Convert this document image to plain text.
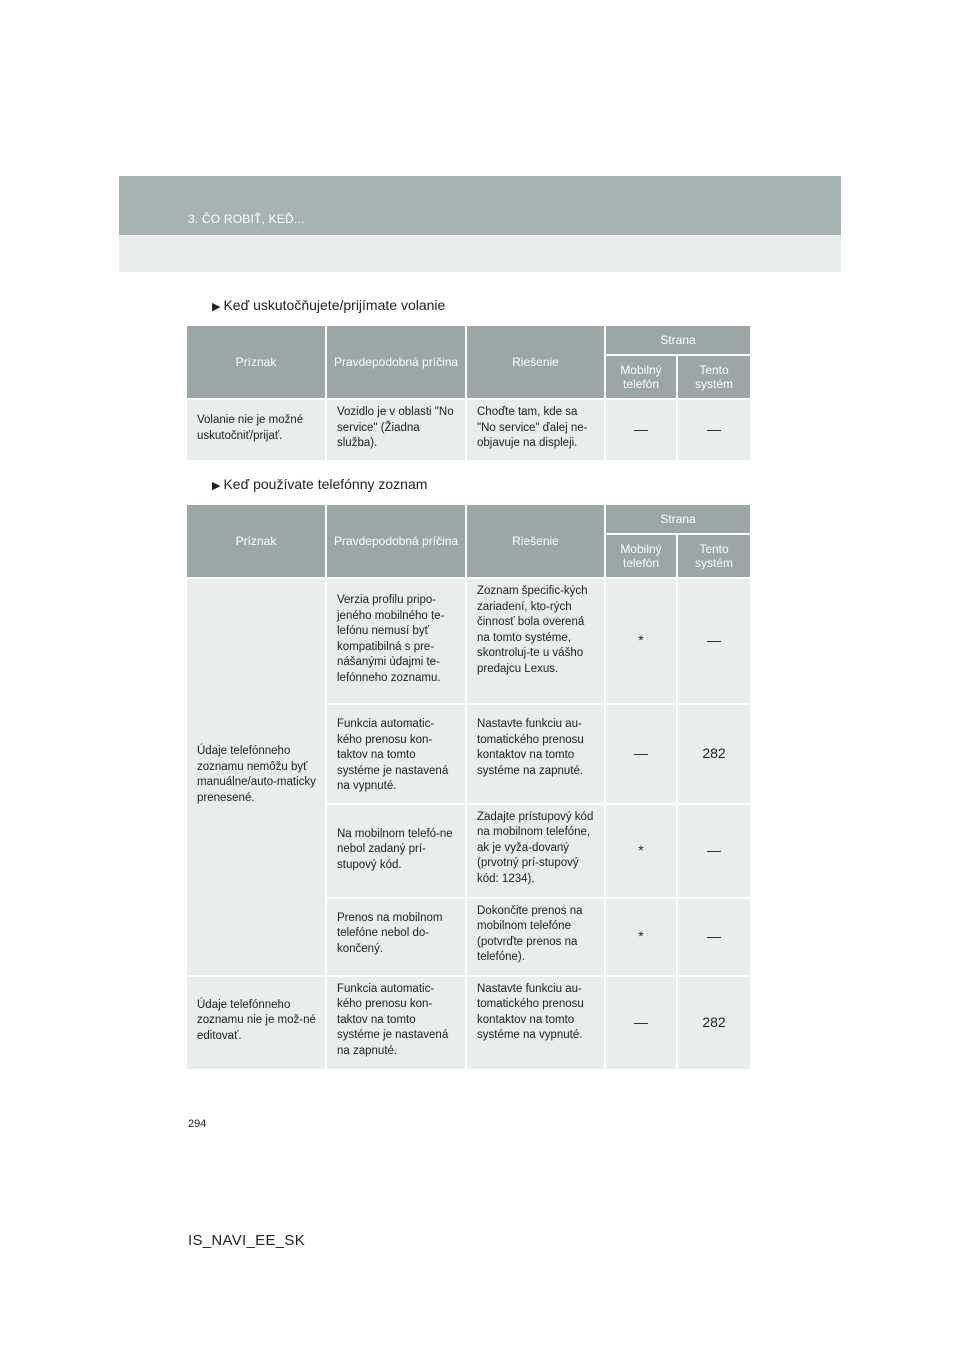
3. ČO ROBIŤ, KEĎ...
▶ Keď uskutočňujete/prijímate volanie
Príznak	Pravdepodobná príčina	Riešenie	Strana	
			Mobilný telefón	Tento systém
Volanie nie je možné uskutočniť/prijať.	Vozidlo je v oblasti "No service" (Žiadna služba).	Choďte tam, kde sa "No service" ďalej ne-objavuje na displeji.	—	—
▶ Keď používate telefónny zoznam
Príznak	Pravdepodobná príčina	Riešenie	Strana	
			Mobilný telefón	Tento systém
Údaje telefónneho zoznamu nemôžu byť manuálne/auto-maticky prenesené.	Verzia profilu pripo-jeného mobilného te-lefónu nemusí byť kompatibilná s pre-nášanými údajmi te-lefónneho zoznamu.	Zoznam špecific-kých zariadení, kto-rých činnosť bola overená na tomto systéme, skontroluj-te u vášho predajcu Lexus.	*	—
	Funkcia automatic-kého prenosu kon-taktov na tomto systéme je nastavená na vypnuté.	Nastavte funkciu au-tomatického prenosu kontaktov na tomto systéme na zapnuté.	—	282
	Na mobilnom telefó-ne nebol zadaný prí-stupový kód.	Zadajte prístupový kód na mobilnom telefóne, ak je vyža-dovaný (prvotný prí-stupový kód: 1234).	*	—
	Prenos na mobilnom telefóne nebol do-končený.	Dokončite prenos na mobilnom telefóne (potvrďte prenos na telefóne).	*	—
Údaje telefónneho zoznamu nie je mož-né editovať.	Funkcia automatic-kého prenosu kon-taktov na tomto systéme je nastavená na zapnuté.	Nastavte funkciu au-tomatického prenosu kontaktov na tomto systéme na vypnuté.	—	282
294
IS_NAVI_EE_SK
